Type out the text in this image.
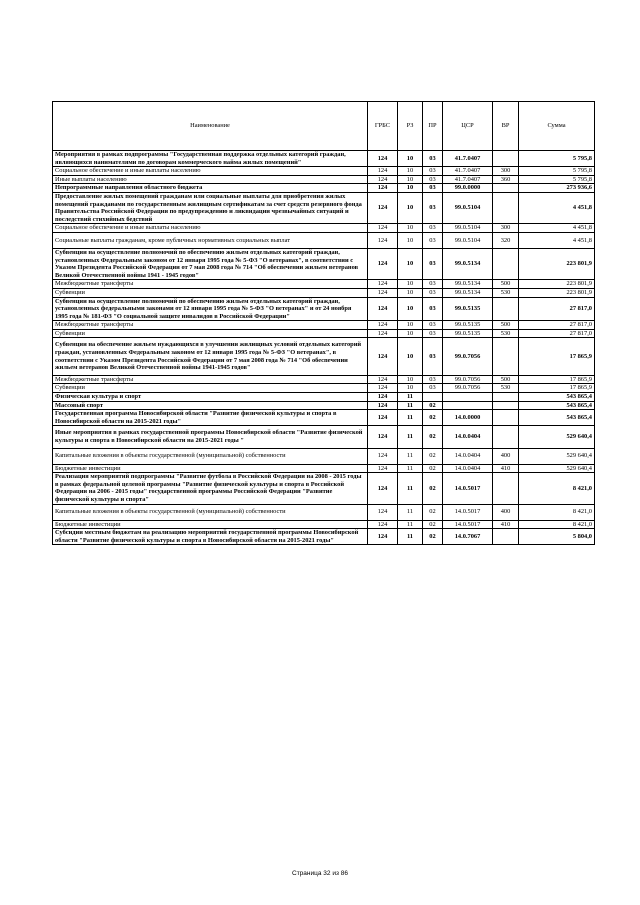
Наименование	ГРБС	РЗ	ПР	ЦСР	ВР	Сумма
Мероприятия в рамках подпрограммы "Государственная поддержка отдельных категорий граждан, являющихся нанимателями по договорам коммерческого найма жилых помещений"	124	10	03	41.7.0407		5 795,8
Социальное обеспечение и иные выплаты населению	124	10	03	41.7.0407	300	5 795,8
Иные выплаты населению	124	10	03	41.7.0407	360	5 795,8
Непрограммные направления областного бюджета	124	10	03	99.0.0000		273 936,6
Предоставление жилых помещений гражданам или социальные выплаты для приобретения жилых помещений гражданами по государственным жилищным сертификатам за счет средств резервного фонда Правительства Российской Федерации по предупреждению и ликвидации чрезвычайных ситуаций и последствий стихийных бедствий	124	10	03	99.0.5104		4 451,8
Социальное обеспечение и иные выплаты населению	124	10	03	99.0.5104	300	4 451,8
Социальные выплаты гражданам, кроме публичных нормативных социальных выплат	124	10	03	99.0.5104	320	4 451,8
Субвенции на осуществление полномочий по обеспечению жильем отдельных категорий граждан, установленных Федеральным законом от 12 января 1995 года № 5-ФЗ "О ветеранах", в соответствии с Указом Президента Российской Федерации от 7 мая 2008 года № 714 "Об обеспечении жильем ветеранов Великой Отечественной войны 1941 - 1945 годов"	124	10	03	99.0.5134		223 801,9
Межбюджетные трансферты	124	10	03	99.0.5134	500	223 801,9
Субвенции	124	10	03	99.0.5134	530	223 801,9
Субвенции на осуществление полномочий по обеспечению жильем отдельных категорий граждан, установленных федеральными законами от 12 января 1995 года № 5-ФЗ "О ветеранах" и от 24 ноября 1995 года № 181-ФЗ "О социальной защите инвалидов в Российской Федерации"	124	10	03	99.0.5135		27 817,0
Межбюджетные трансферты	124	10	03	99.0.5135	500	27 817,0
Субвенции	124	10	03	99.0.5135	530	27 817,0
Субвенции на обеспечение жильем нуждающихся в улучшении жилищных условий отдельных категорий граждан, установленных Федеральным законом от 12 января 1995 года № 5-ФЗ "О ветеранах", в соответствии с Указом Президента Российской Федерации от 7 мая 2008 года № 714 "Об обеспечении жильем ветеранов Великой Отечественной войны 1941-1945 годов"	124	10	03	99.0.7056		17 865,9
Межбюджетные трансферты	124	10	03	99.0.7056	500	17 865,9
Субвенции	124	10	03	99.0.7056	530	17 865,9
Физическая культура и спорт	124	11				543 865,4
Массовый спорт	124	11	02			543 865,4
Государственная программа Новосибирской области "Развитие физической культуры и спорта в Новосибирской области на 2015-2021 годы"	124	11	02	14.0.0000		543 865,4
Иные мероприятия в рамках государственной программы Новосибирской области "Развитие физической культуры и спорта в Новосибирской области на 2015-2021 годы "	124	11	02	14.0.0404		529 640,4
Капитальные вложения в объекты государственной (муниципальной) собственности	124	11	02	14.0.0404	400	529 640,4
Бюджетные инвестиции	124	11	02	14.0.0404	410	529 640,4
Реализация мероприятий подпрограммы "Развитие футбола в Российской Федерации на 2008 - 2015 годы в рамках федеральной целевой программы "Развитие физической культуры и спорта в Российской Федерации на 2006 - 2015 годы" государственной программы Российской Федерации "Развитие физической культуры и спорта"	124	11	02	14.0.5017		8 421,0
Капитальные вложения в объекты государственной (муниципальной) собственности	124	11	02	14.0.5017	400	8 421,0
Бюджетные инвестиции	124	11	02	14.0.5017	410	8 421,0
Субсидии местным бюджетам на реализацию мероприятий государственной программы Новосибирской области "Развитие физической культуры и спорта в Новосибирской области на 2015-2021 годы"	124	11	02	14.0.7067		5 804,0
Страница 32 из 86
